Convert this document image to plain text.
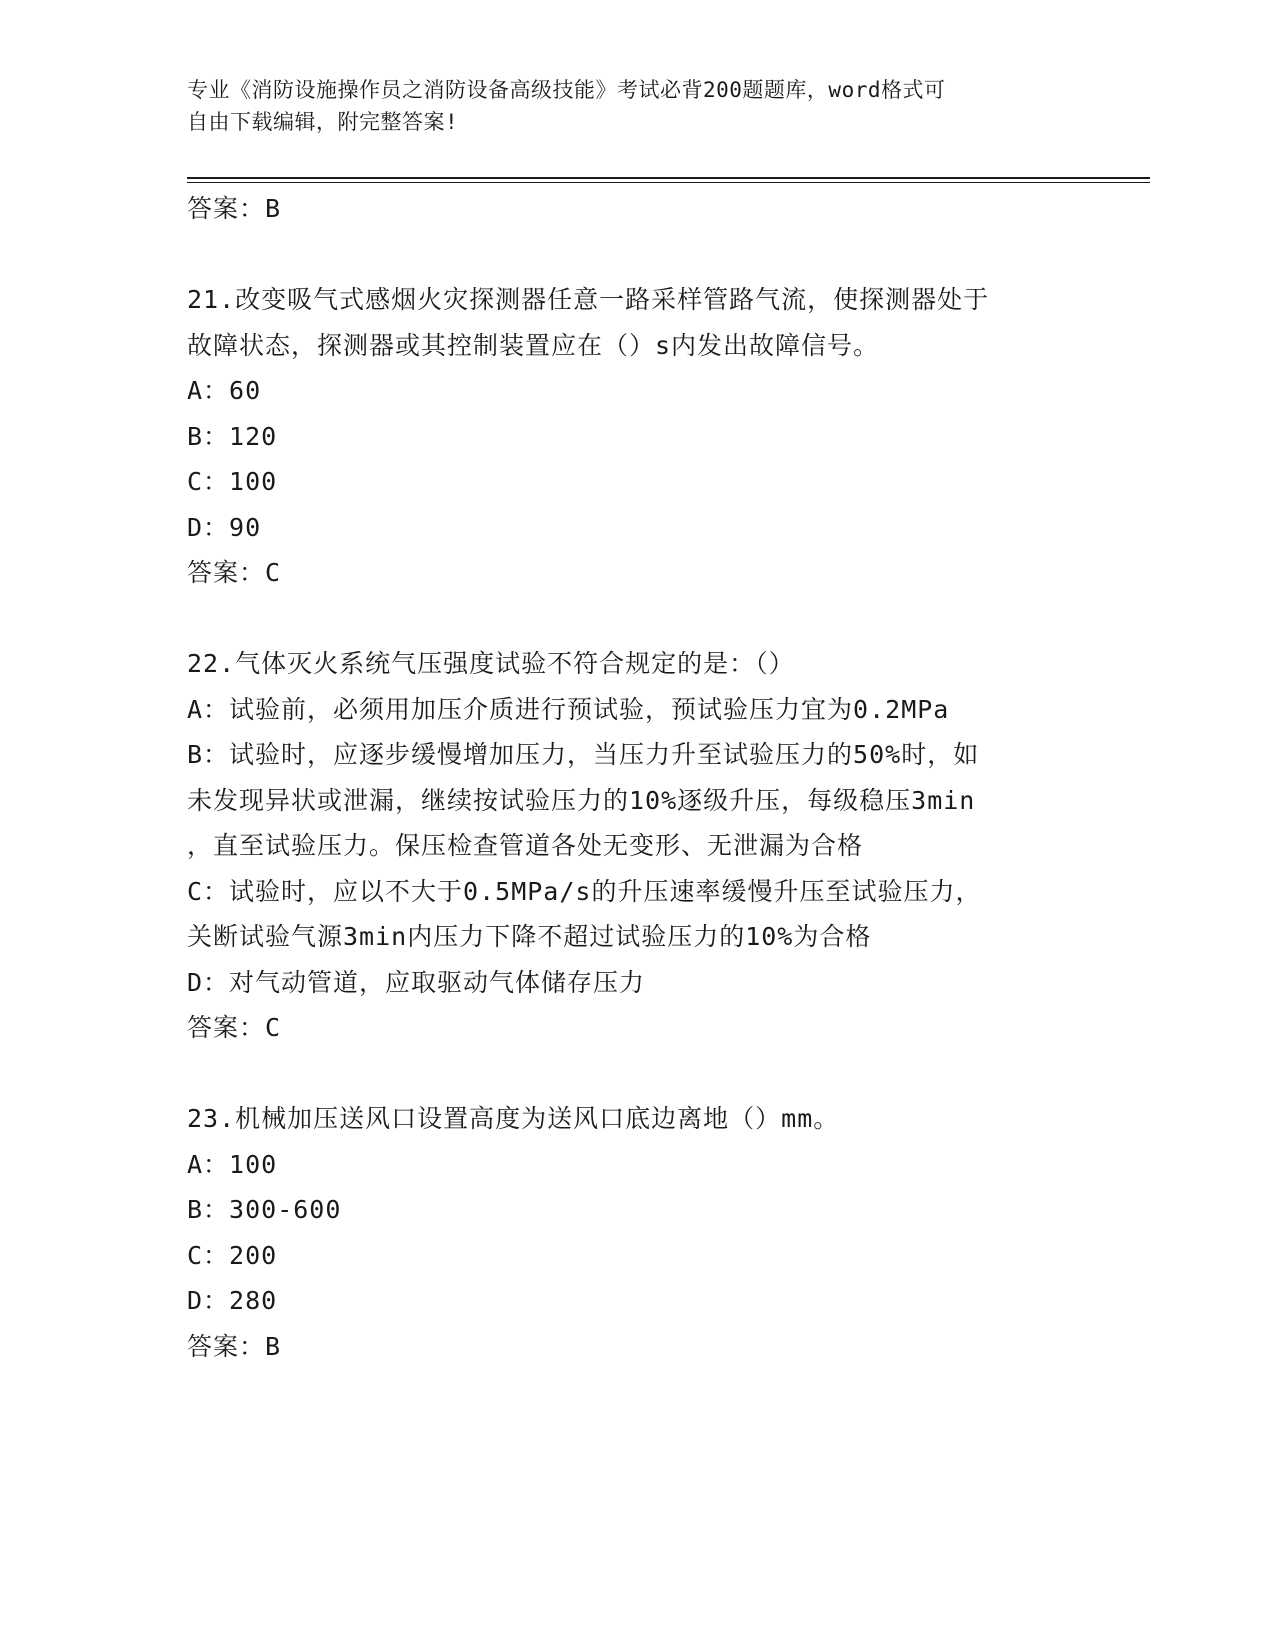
专业《消防设施操作员之消防设备高级技能》考试必背200题题库，word格式可
自由下载编辑，附完整答案!
答案：B
21.改变吸气式感烟火灾探测器任意一路采样管路气流，使探测器处于
故障状态，探测器或其控制装置应在（）s内发出故障信号。
A：60
B：120
C：100
D：90
答案：C
22.气体灭火系统气压强度试验不符合规定的是：（）
A：试验前，必须用加压介质进行预试验，预试验压力宜为0.2MPa
B：试验时，应逐步缓慢增加压力，当压力升至试验压力的50%时，如
未发现异状或泄漏，继续按试验压力的10%逐级升压，每级稳压3min
，直至试验压力。保压检查管道各处无变形、无泄漏为合格
C：试验时，应以不大于0.5MPa/s的升压速率缓慢升压至试验压力，
关断试验气源3min内压力下降不超过试验压力的10%为合格
D：对气动管道，应取驱动气体储存压力
答案：C
23.机械加压送风口设置高度为送风口底边离地（）mm。
A：100
B：300-600
C：200
D：280
答案：B
